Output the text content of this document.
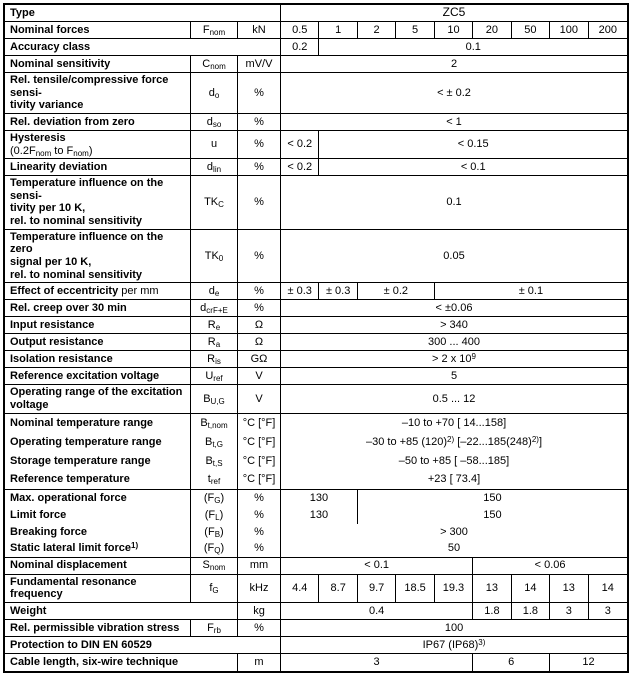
Type			ZC5								
Nominal forces	$F_{nom}$	kN	0.5	1	2	5	10	20	50	100	200
Accuracy class			0.2	0.1							
Nominal sensitivity	$C_{nom}$	mV/V	2								
Rel. tensile/compressive force sensi-
tivity variance	$d_o$	%	< ± 0.2								
Rel. deviation from zero	$d_{so}$	%	< 1								
Hysteresis
($0.2F_{nom}$ to $F_{nom}$)	u	%	< 0.2	< 0.15							
Linearity deviation	$d_{lin}$	%	< 0.2	< 0.1							
Temperature influence on the sensi-
tivity per 10 K,
rel. to nominal sensitivity	$TK_C$	%	0.1								
Temperature influence on the zero
signal per 10 K,
rel. to nominal sensitivity	$TK_0$	%	0.05								
Effect of eccentricity per mm	$d_e$	%	± 0.3	± 0.3	± 0.2		± 0.1				
Rel. creep over 30 min	$d_{crF+E}$	%	< ±0.06								
Input resistance	$R_e$	Ω	> 340								
Output resistance	$R_a$	Ω	300 ... 400								
Isolation resistance	$R_{is}$	GΩ	> 2 x $10^9$
Reference excitation voltage	$U_{ref}$	V	5								
Operating range of the excitation
voltage	$B_{U,G}$	V	0.5 ... 12								
Nominal temperature range	$B_{t,nom}$	°C [°F]	–10 to +70 [ 14...158]								
Operating temperature range	$B_{t,G}$	°C [°F]	–30 to +85 $(120)^{2)}$ $[-22...185(248)^{2)}]$								
Storage temperature range	$B_{t,S}$	°C [°F]	–50 to +85 [ –58...185]								
Reference temperature	$t_{ref}$	°C [°F]	+23 [ 73.4]								
Max. operational force	$(F_G)$	%	130		150						
Limit force	$(F_L)$	%	130		150						
Breaking force	$(F_B)$	%	> 300								
Static lateral limit force$^{1)}$	$(F_Q)$	%	50								
Nominal displacement	$S_{nom}$	mm	< 0.1					< 0.06			
Fundamental resonance frequency	$f_G$	kHz	4.4	8.7	9.7	18.5	19.3	13	14	13	14
Weight		kg	0.4					1.8	1.8	3	3
Rel. permissible vibration stress	$F_{rb}$	%	100								
Protection to DIN EN 60529			IP67 $(IP68)^{3)}$
Cable length, six-wire technique		m	3					6		12	
